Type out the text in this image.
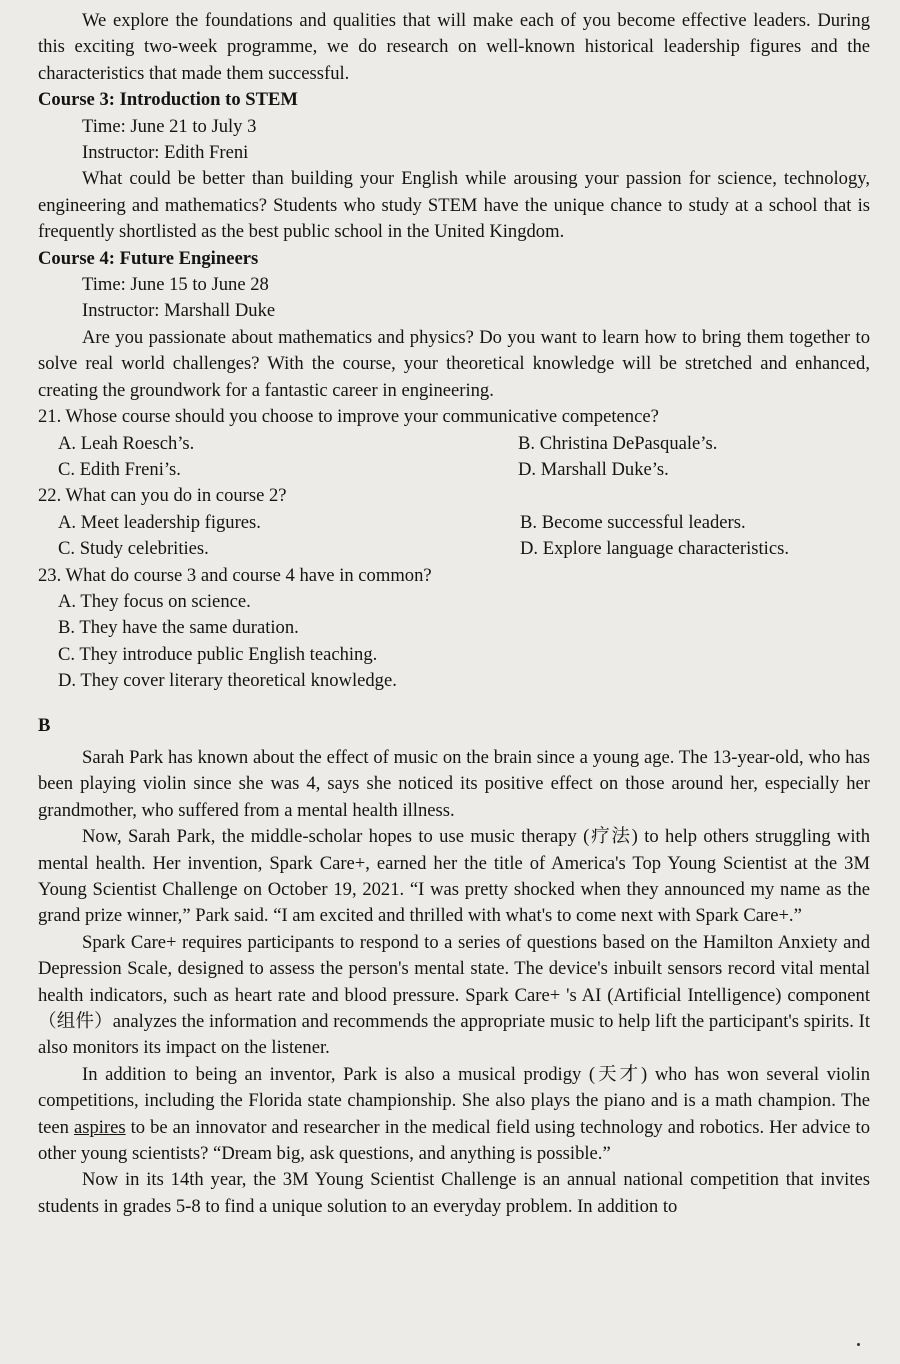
We explore the foundations and qualities that will make each of you become effective leaders. During this exciting two-week programme, we do research on well-known historical leadership figures and the characteristics that made them successful.

Course 3: Introduction to STEM

Time: June 21 to July 3

Instructor: Edith Freni

What could be better than building your English while arousing your passion for science, technology, engineering and mathematics? Students who study STEM have the unique chance to study at a school that is frequently shortlisted as the best public school in the United Kingdom.

Course 4: Future Engineers

Time: June 15 to June 28

Instructor: Marshall Duke

Are you passionate about mathematics and physics? Do you want to learn how to bring them together to solve real world challenges? With the course, your theoretical knowledge will be stretched and enhanced, creating the groundwork for a fantastic career in engineering.

21. Whose course should you choose to improve your communicative competence?

A. Leah Roesch’s.	B. Christina DePasquale’s.
C. Edith Freni’s.	D. Marshall Duke’s.

22. What can you do in course 2?

A. Meet leadership figures.	B. Become successful leaders.
C. Study celebrities.	D. Explore language characteristics.

23. What do course 3 and course 4 have in common?

A. They focus on science.

B. They have the same duration.

C. They introduce public English teaching.

D. They cover literary theoretical knowledge.

B

Sarah Park has known about the effect of music on the brain since a young age. The 13-year-old, who has been playing violin since she was 4, says she noticed its positive effect on those around her, especially her grandmother, who suffered from a mental health illness.

Now, Sarah Park, the middle-scholar hopes to use music therapy (疗法) to help others struggling with mental health. Her invention, Spark Care+, earned her the title of America's Top Young Scientist at the 3M Young Scientist Challenge on October 19, 2021. “I was pretty shocked when they announced my name as the grand prize winner,” Park said. “I am excited and thrilled with what's to come next with Spark Care+.”

Spark Care+ requires participants to respond to a series of questions based on the Hamilton Anxiety and Depression Scale, designed to assess the person's mental state. The device's inbuilt sensors record vital mental health indicators, such as heart rate and blood pressure. Spark Care+ 's AI (Artificial Intelligence) component （组件）analyzes the information and recommends the appropriate music to help lift the participant's spirits. It also monitors its impact on the listener.

In addition to being an inventor, Park is also a musical prodigy (天才) who has won several violin competitions, including the Florida state championship. She also plays the piano and is a math champion. The teen aspires to be an innovator and researcher in the medical field using technology and robotics. Her advice to other young scientists? “Dream big, ask questions, and anything is possible.”

Now in its 14th year, the 3M Young Scientist Challenge is an annual national competition that invites students in grades 5-8 to find a unique solution to an everyday problem. In addition to
